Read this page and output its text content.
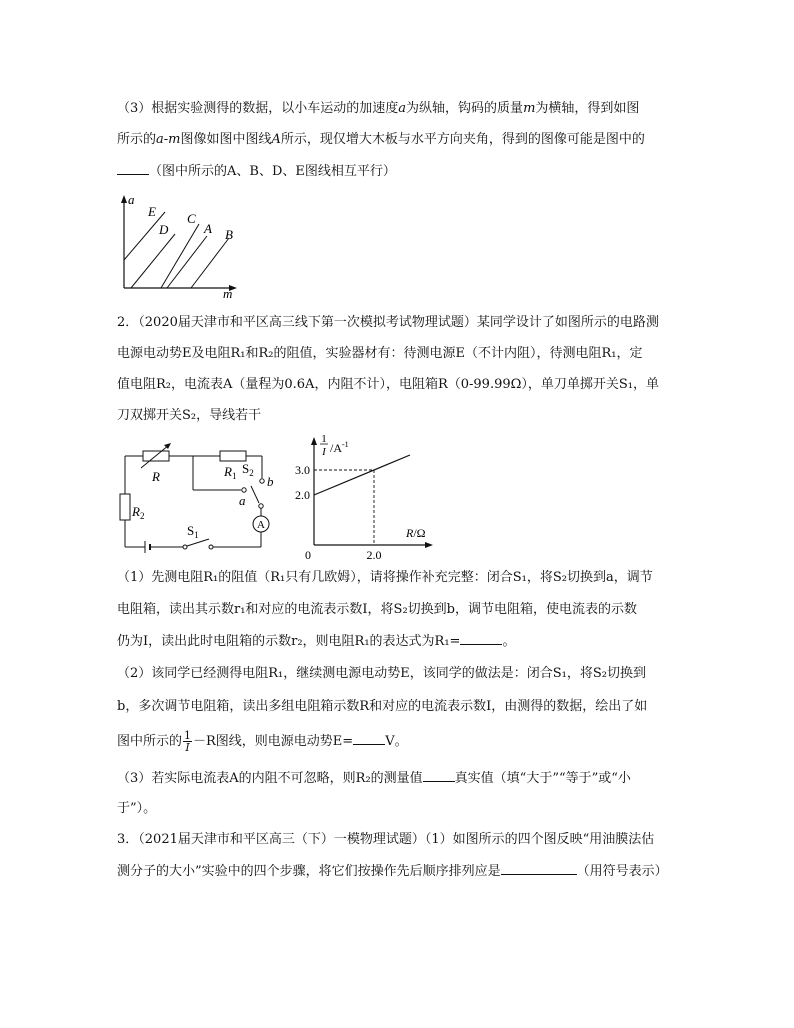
（3）根据实验测得的数据，以小车运动的加速度a为纵轴，钩码的质量m为横轴，得到如图
所示的a-m图像如图中图线A所示，现仅增大木板与水平方向夹角，得到的图像可能是图中的
（图中所示的A、B、D、E图线相互平行）
a
m
E
D
C
A B
2．（2020届天津市和平区高三线下第一次模拟考试物理试题）某同学设计了如图所示的电路测
电源电动势E及电阻R₁和R₂的阻值，实验器材有：待测电源E（不计内阻），待测电阻R₁，定
值电阻R₂，电流表A（量程为0.6A，内阻不计），电阻箱R（0-99.99Ω），单刀单掷开关S₁，单
刀双掷开关S₂，导线若干
A
R	$R_1$ $S_2$
b
a
$R_2$
$S_1$
1
I $/A^{-1}$
R/Ω
0
3.0
2.0
2.0
（1）先测电阻R₁的阻值（R₁只有几欧姆），请将操作补充完整：闭合S₁，将S₂切换到a，调节
电阻箱，读出其示数r₁和对应的电流表示数I，将S₂切换到b，调节电阻箱，使电流表的示数
仍为I，读出此时电阻箱的示数r₂，则电阻R₁的表达式为R₁=	。
（2）该同学已经测得电阻R₁，继续测电源电动势E，该同学的做法是：闭合S₁，将S₂切换到
b，多次调节电阻箱，读出多组电阻箱示数R和对应的电流表示数I，由测得的数据，绘出了如
图中所示的 $\frac{1}{I} -R$图线，则电源电动势E= V。
（3）若实际电流表A的内阻不可忽略，则R₂的测量值 真实值（填“大于”“等于”或“小
于”）。
3．（2021届天津市和平区高三（下）一模物理试题）（1）如图所示的四个图反映“用油膜法估
测分子的大小”实验中的四个步骤，将它们按操作先后顺序排列应是	（用符号表示）
